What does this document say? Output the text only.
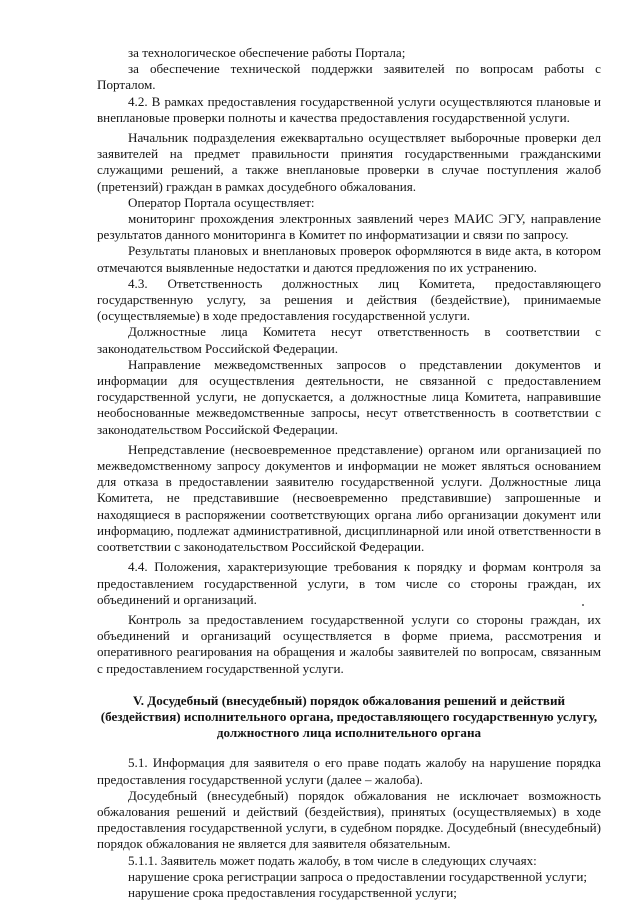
за технологическое обеспечение работы Портала;

за обеспечение технической поддержки заявителей по вопросам работы с Порталом.

4.2. В рамках предоставления государственной услуги осуществляются плановые и внеплановые проверки полноты и качества предоставления государственной услуги.

Начальник подразделения ежеквартально осуществляет выборочные проверки дел заявителей на предмет правильности принятия государственными гражданскими служащими решений, а также внеплановые проверки в случае поступления жалоб (претензий) граждан в рамках досудебного обжалования.

Оператор Портала осуществляет:

мониторинг прохождения электронных заявлений через МАИС ЭГУ, направление результатов данного мониторинга в Комитет по информатизации и связи по запросу.

Результаты плановых и внеплановых проверок оформляются в виде акта, в котором отмечаются выявленные недостатки и даются предложения по их устранению.

4.3. Ответственность должностных лиц Комитета, предоставляющего государственную услугу, за решения и действия (бездействие), принимаемые (осуществляемые) в ходе предоставления государственной услуги.

Должностные лица Комитета несут ответственность в соответствии с законодательством Российской Федерации.

Направление межведомственных запросов о представлении документов и информации для осуществления деятельности, не связанной с предоставлением государственной услуги, не допускается, а должностные лица Комитета, направившие необоснованные межведомственные запросы, несут ответственность в соответствии с законодательством Российской Федерации.

Непредставление (несвоевременное представление) органом или организацией по межведомственному запросу документов и информации не может являться основанием для отказа в предоставлении заявителю государственной услуги. Должностные лица Комитета, не представившие (несвоевременно представившие) запрошенные и находящиеся в распоряжении соответствующих органа либо организации документ или информацию, подлежат административной, дисциплинарной или иной ответственности в соответствии с законодательством Российской Федерации.

4.4. Положения, характеризующие требования к порядку и формам контроля за предоставлением государственной услуги, в том числе со стороны граждан, их объединений и организаций.

Контроль за предоставлением государственной услуги со стороны граждан, их объединений и организаций осуществляется в форме приема, рассмотрения и оперативного реагирования на обращения и жалобы заявителей по вопросам, связанным с предоставлением государственной услуги.

V. Досудебный (внесудебный) порядок обжалования решений и действий
(бездействия) исполнительного органа, предоставляющего государственную услугу,
должностного лица исполнительного органа

5.1. Информация для заявителя о его праве подать жалобу на нарушение порядка предоставления государственной услуги (далее – жалоба).

Досудебный (внесудебный) порядок обжалования не исключает возможность обжалования решений и действий (бездействия), принятых (осуществляемых) в ходе предоставления государственной услуги, в судебном порядке. Досудебный (внесудебный) порядок обжалования не является для заявителя обязательным.

5.1.1. Заявитель может подать жалобу, в том числе в следующих случаях:

нарушение срока регистрации запроса о предоставлении государственной услуги;

нарушение срока предоставления государственной услуги;
